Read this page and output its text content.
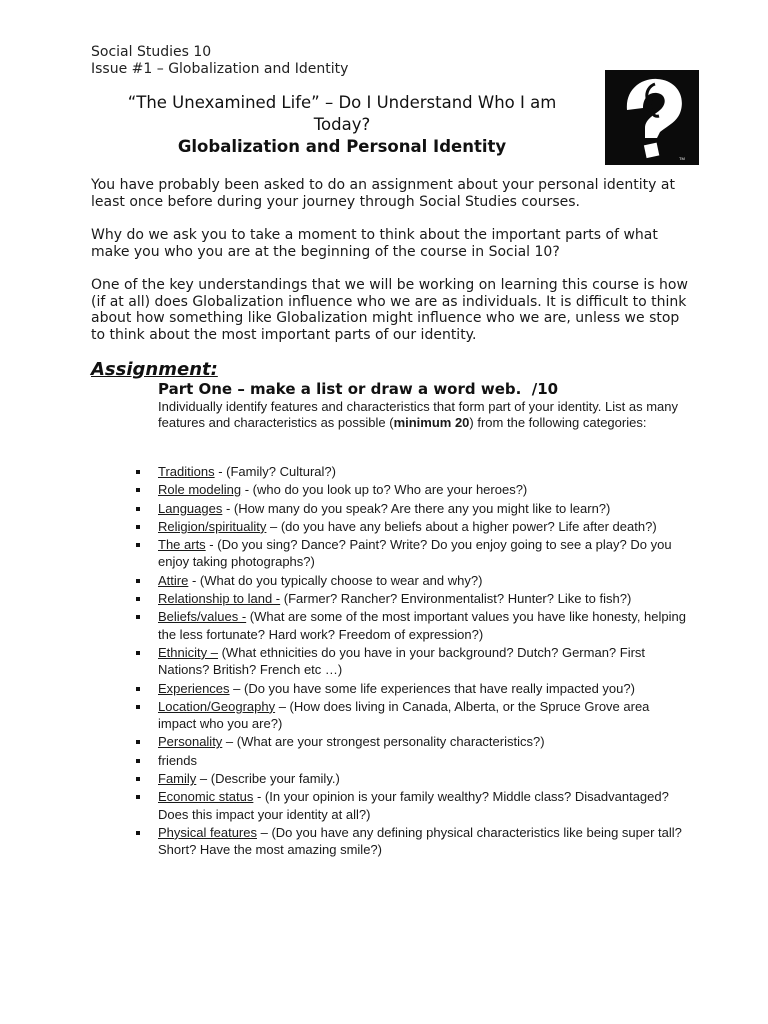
Social Studies 10
Issue #1 – Globalization and Identity
“The Unexamined Life” – Do I Understand Who I am
Today?
Globalization and Personal Identity
TM

You have probably been asked to do an assignment about your personal identity at least once before during your journey through Social Studies courses.

Why do we ask you to take a moment to think about the important parts of what make you who you are at the beginning of the course in Social 10?

One of the key understandings that we will be working on learning this course is how (if at all) does Globalization influence who we are as individuals. It is difficult to think about how something like Globalization might influence who we are, unless we stop to think about the most important parts of our identity.

Assignment:
Part One – make a list or draw a word web.  /10
Individually identify features and characteristics that form part of your identity. List as many features and characteristics as possible (minimum 20) from the following categories:
Traditions - (Family? Cultural?)
Role modeling - (who do you look up to? Who are your heroes?)
Languages - (How many do you speak? Are there any you might like to learn?)
Religion/spirituality – (do you have any beliefs about a higher power? Life after death?)
The arts - (Do you sing? Dance? Paint? Write? Do you enjoy going to see a play? Do you enjoy taking photographs?)
Attire - (What do you typically choose to wear and why?)
Relationship to land - (Farmer? Rancher? Environmentalist? Hunter? Like to fish?)
Beliefs/values - (What are some of the most important values you have like honesty, helping the less fortunate? Hard work? Freedom of expression?)
Ethnicity – (What ethnicities do you have in your background? Dutch? German? First Nations? British? French etc …)
Experiences – (Do you have some life experiences that have really impacted you?)
Location/Geography – (How does living in Canada, Alberta, or the Spruce Grove area impact who you are?)
Personality – (What are your strongest personality characteristics?)
friends
Family – (Describe your family.)
Economic status - (In your opinion is your family wealthy? Middle class? Disadvantaged? Does this impact your identity at all?)
Physical features – (Do you have any defining physical characteristics like being super tall? Short? Have the most amazing smile?)
